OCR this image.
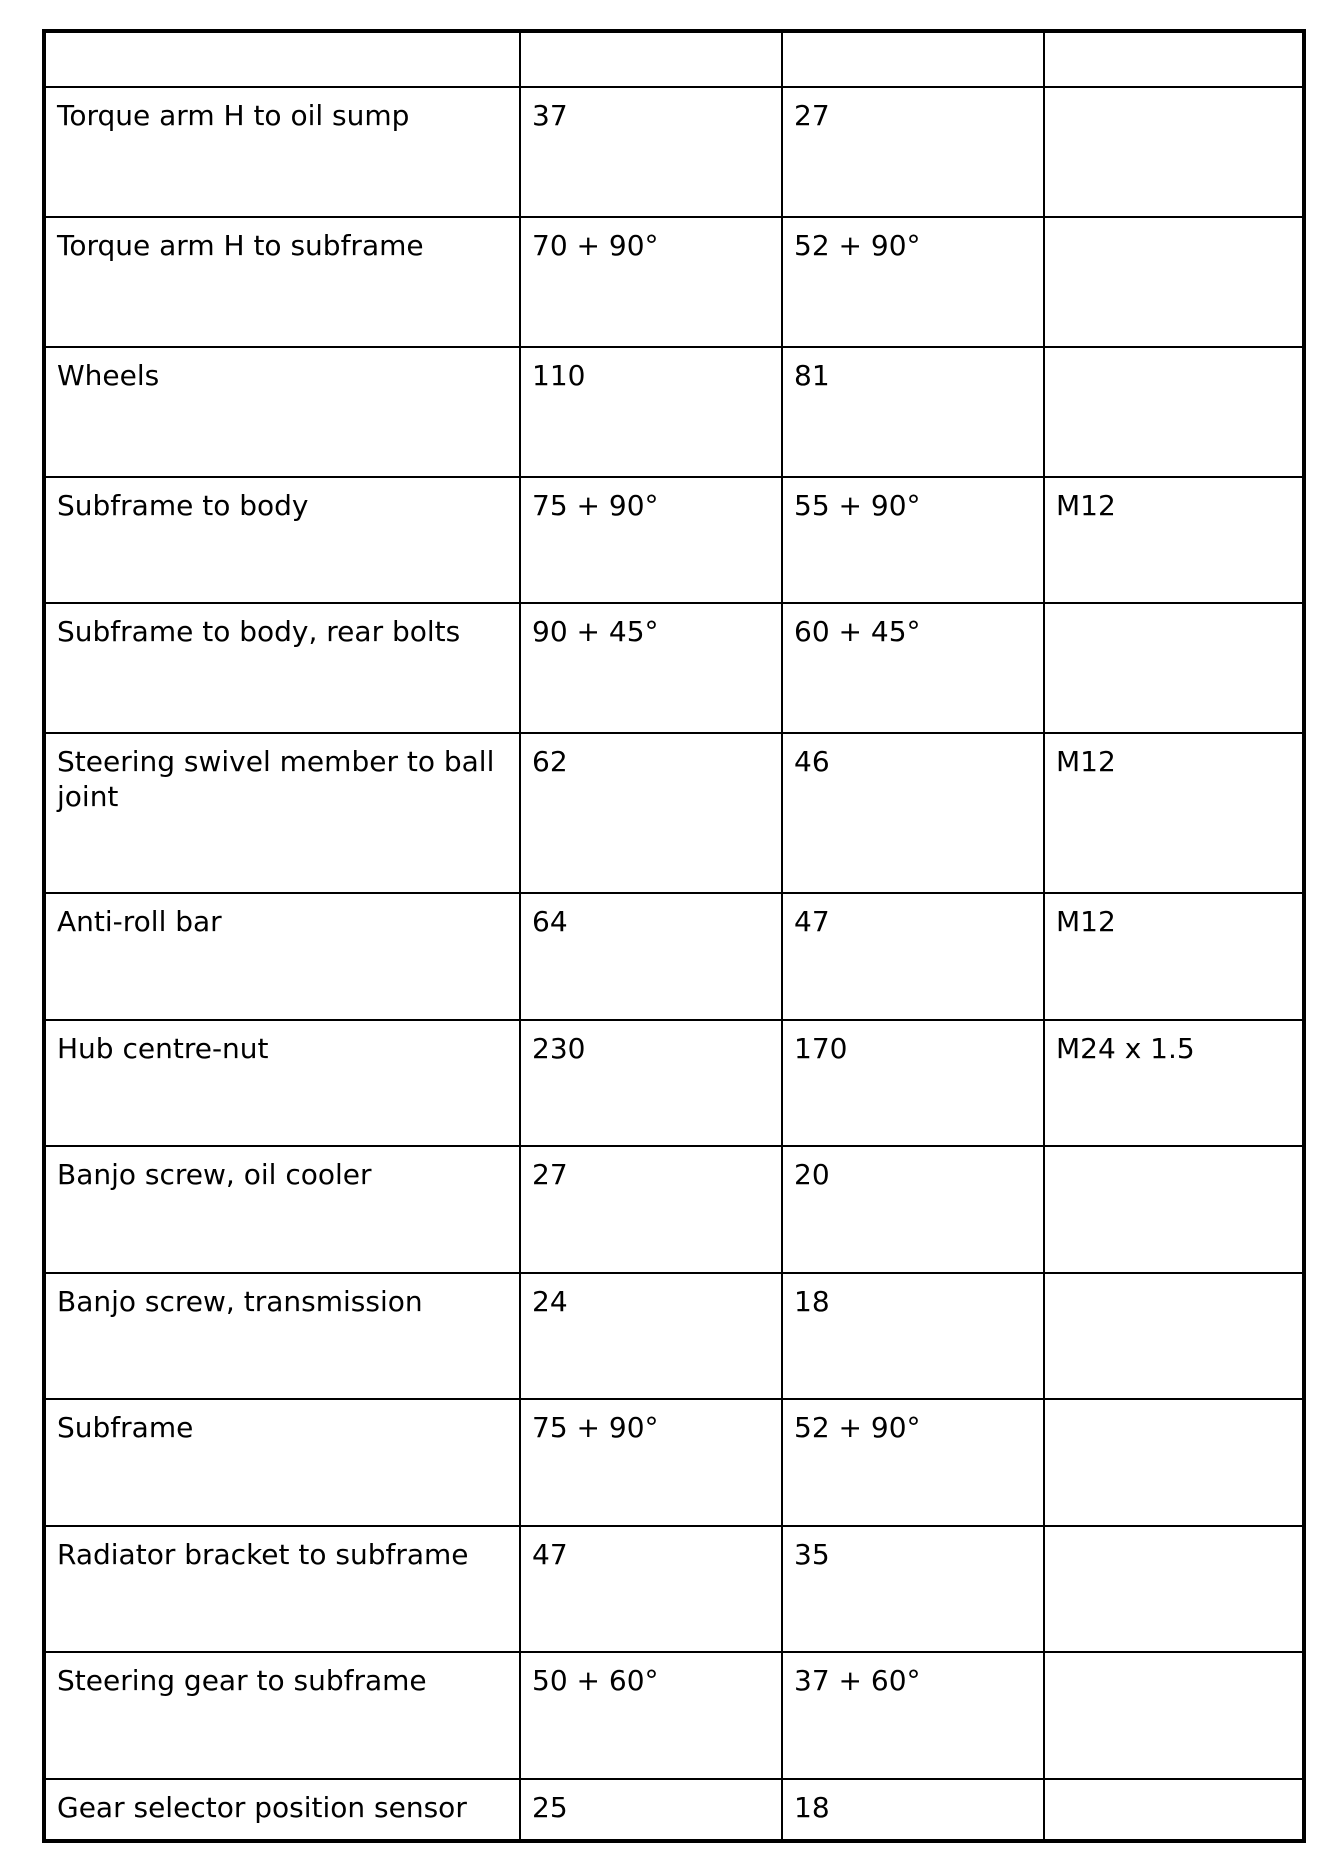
Torque arm H to oil sump	37	27	
Torque arm H to subframe	70 + 90°	52 + 90°	
Wheels	110	81	
Subframe to body	75 + 90°	55 + 90°	M12
Subframe to body, rear bolts	90 + 45°	60 + 45°	
Steering swivel member to ball joint	62	46	M12
Anti-roll bar	64	47	M12
Hub centre-nut	230	170	M24 x 1.5
Banjo screw, oil cooler	27	20	
Banjo screw, transmission	24	18	
Subframe	75 + 90°	52 + 90°	
Radiator bracket to subframe	47	35	
Steering gear to subframe	50 + 60°	37 + 60°	
Gear selector position sensor	25	18	
